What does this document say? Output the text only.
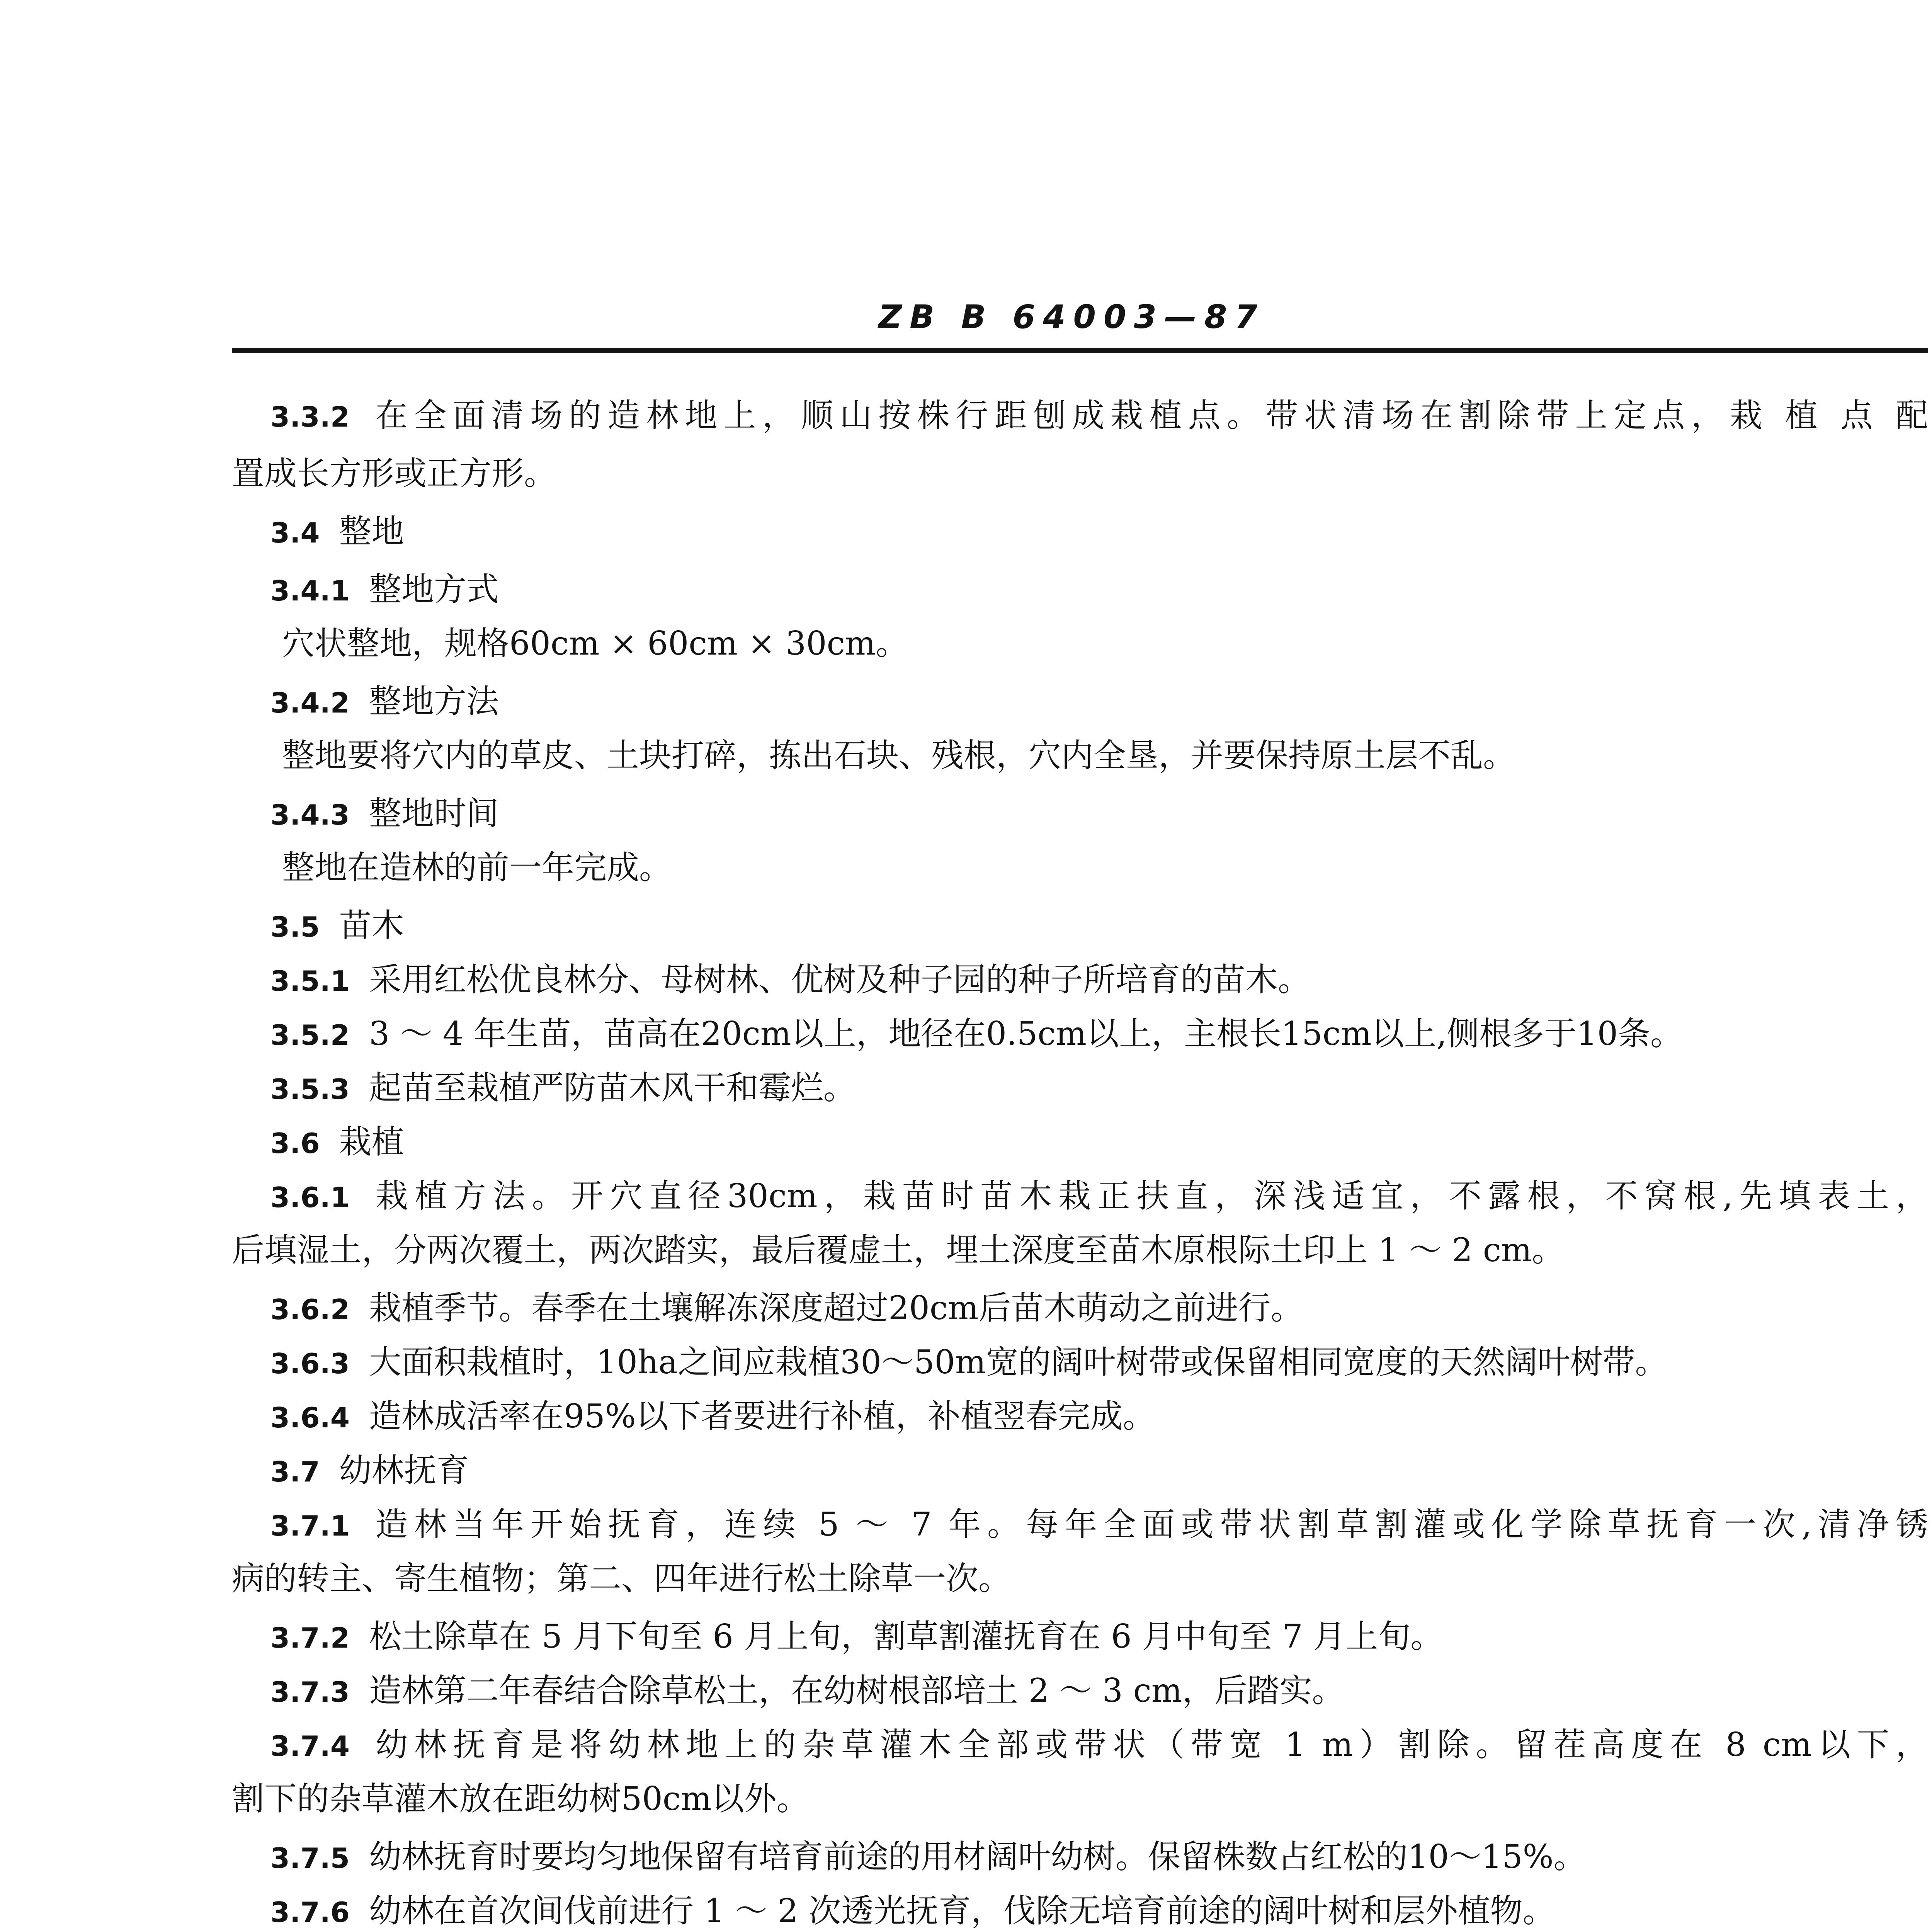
ZB B 64003—87
3.3.2 在全面清场的造林地上，顺山按株行距刨成栽植点。带状清场在割除带上定点，栽 植 点 配
置成长方形或正方形。
3.4 整地
3.4.1 整地方式
穴状整地，规格60cm × 60cm × 30cm。
3.4.2 整地方法
整地要将穴内的草皮、土块打碎，拣出石块、残根，穴内全垦，并要保持原土层不乱。
3.4.3 整地时间
整地在造林的前一年完成。
3.5 苗木
3.5.1 采用红松优良林分、母树林、优树及种子园的种子所培育的苗木。
3.5.2 3 ～ 4 年生苗，苗高在20cm以上，地径在0.5cm以上，主根长15cm以上,侧根多于10条。
3.5.3 起苗至栽植严防苗木风干和霉烂。
3.6 栽植
3.6.1 栽植方法。开穴直径30cm，栽苗时苗木栽正扶直，深浅适宜，不露根，不窝根,先填表土，
后填湿土，分两次覆土，两次踏实，最后覆虚土，埋土深度至苗木原根际土印上 1 ～ 2 cm。
3.6.2 栽植季节。春季在土壤解冻深度超过20cm后苗木萌动之前进行。
3.6.3 大面积栽植时，10ha之间应栽植30～50m宽的阔叶树带或保留相同宽度的天然阔叶树带。
3.6.4 造林成活率在95%以下者要进行补植，补植翌春完成。
3.7 幼林抚育
3.7.1 造林当年开始抚育，连续 5 ～ 7 年。每年全面或带状割草割灌或化学除草抚育一次,清净锈
病的转主、寄生植物；第二、四年进行松土除草一次。
3.7.2 松土除草在 5 月下旬至 6 月上旬，割草割灌抚育在 6 月中旬至 7 月上旬。
3.7.3 造林第二年春结合除草松土，在幼树根部培土 2 ～ 3 cm，后踏实。
3.7.4 幼林抚育是将幼林地上的杂草灌木全部或带状（带宽 1 m）割除。留茬高度在 8 cm以下，
割下的杂草灌木放在距幼树50cm以外。
3.7.5 幼林抚育时要均匀地保留有培育前途的用材阔叶幼树。保留株数占红松的10～15%。
3.7.6 幼林在首次间伐前进行 1 ～ 2 次透光抚育，伐除无培育前途的阔叶树和层外植物。
